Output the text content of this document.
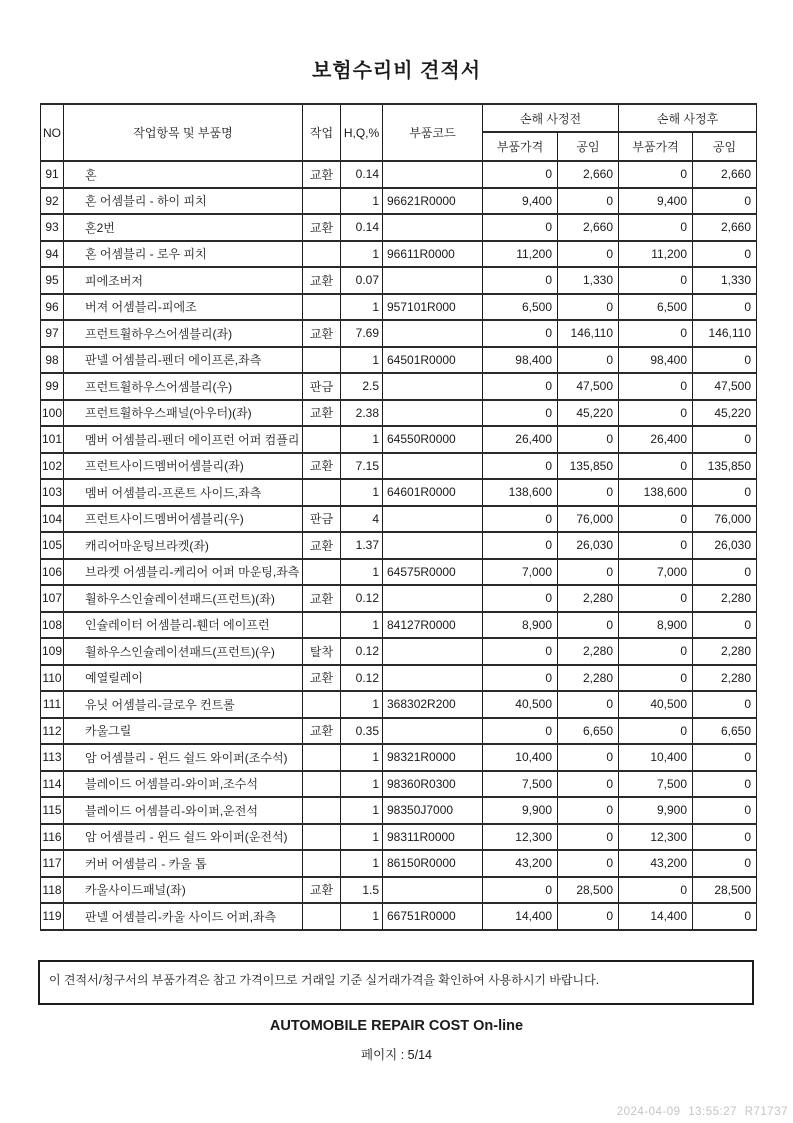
보험수리비 견적서
NO	작업항목 및 부품명	작업	H,Q,%	부품코드	손해 사정전		손해 사정후	
					부품가격	공임	부품가격	공임
91	혼	교환	0.14		0	2,660	0	2,660
92	혼 어셈블리 - 하이 피치		1	96621R0000	9,400	0	9,400	0
93	혼2번	교환	0.14		0	2,660	0	2,660
94	혼 어셈블리 - 로우 피치		1	96611R0000	11,200	0	11,200	0
95	피에조버저	교환	0.07		0	1,330	0	1,330
96	버져 어셈블리-피에조		1	957101R000	6,500	0	6,500	0
97	프런트휠하우스어셈블리(좌)	교환	7.69		0	146,110	0	146,110
98	판넬 어셈블리-펜더 에이프론,좌측		1	64501R0000	98,400	0	98,400	0
99	프런트휠하우스어셈블리(우)	판금	2.5		0	47,500	0	47,500
100	프런트휠하우스패널(아우터)(좌)	교환	2.38		0	45,220	0	45,220
101	멤버 어셈블리-펜더 에이프런 어퍼 컴플리		1	64550R0000	26,400	0	26,400	0
102	프런트사이드멤버어셈블리(좌)	교환	7.15		0	135,850	0	135,850
103	멤버 어셈블리-프론트 사이드,좌측		1	64601R0000	138,600	0	138,600	0
104	프런트사이드멤버어셈블리(우)	판금	4		0	76,000	0	76,000
105	캐리어마운팅브라켓(좌)	교환	1.37		0	26,030	0	26,030
106	브라켓 어셈블리-케리어 어퍼 마운팅,좌측		1	64575R0000	7,000	0	7,000	0
107	휠하우스인슐레이션패드(프런트)(좌)	교환	0.12		0	2,280	0	2,280
108	인슐레이터 어셈블리-휀더 에이프런		1	84127R0000	8,900	0	8,900	0
109	휠하우스인슐레이션패드(프런트)(우)	탈착	0.12		0	2,280	0	2,280
110	예열릴레이	교환	0.12		0	2,280	0	2,280
111	유닛 어셈블리-글로우 컨트롤		1	368302R200	40,500	0	40,500	0
112	카울그릴	교환	0.35		0	6,650	0	6,650
113	암 어셈블리 - 윈드 쉴드 와이퍼(조수석)		1	98321R0000	10,400	0	10,400	0
114	블레이드 어셈블리-와이퍼,조수석		1	98360R0300	7,500	0	7,500	0
115	블레이드 어셈블리-와이퍼,운전석		1	98350J7000	9,900	0	9,900	0
116	암 어셈블리 - 윈드 쉴드 와이퍼(운전석)		1	98311R0000	12,300	0	12,300	0
117	커버 어셈블리 - 카울 톱		1	86150R0000	43,200	0	43,200	0
118	카울사이드패널(좌)	교환	1.5		0	28,500	0	28,500
119	판넬 어셈블리-카울 사이드 어퍼,좌측		1	66751R0000	14,400	0	14,400	0
이 견적서/청구서의 부품가격은 참고 가격이므로 거래일 기준 실거래가격을 확인하여 사용하시기 바랍니다.
AUTOMOBILE REPAIR COST On-line
페이지 : 5/14
2024-04-09 13:55:27 R71737
